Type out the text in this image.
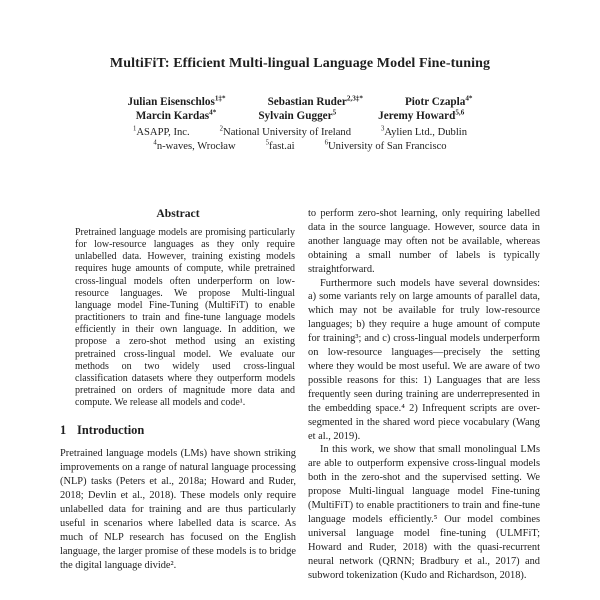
MultiFiT: Efficient Multi-lingual Language Model Fine-tuning
Julian Eisenschlos$^{1\ddagger*}$	Sebastian Ruder$^{2,3\ddagger*}$	Piotr Czapla$^{4*}$
Marcin Kardas$^{4*}$	Sylvain Gugger$^5$	Jeremy Howard$^{5,6}$
$^1$ASAPP, Inc.	$^2$National University of Ireland	$^3$Aylien Ltd., Dublin
$^4$n-waves, Wrocław	$^5$fast.ai	$^6$University of San Francisco
Abstract

Pretrained language models are promising particularly for low-resource languages as they only require unlabelled data. However, training existing models requires huge amounts of compute, while pretrained cross-lingual models often underperform on low-resource languages. We propose Multi-lingual language model Fine-Tuning (MultiFiT) to enable practitioners to train and fine-tune language models efficiently in their own language. In addition, we propose a zero-shot method using an existing pretrained cross-lingual model. We evaluate our methods on two widely used cross-lingual classification datasets where they outperform models pretrained on orders of magnitude more data and compute. We release all models and code¹.

1 Introduction

Pretrained language models (LMs) have shown striking improvements on a range of natural language processing (NLP) tasks (Peters et al., 2018a; Howard and Ruder, 2018; Devlin et al., 2018). These models only require unlabelled data for training and are thus particularly useful in scenarios where labelled data is scarce. As much of NLP research has focused on the English language, the larger promise of these models is to bridge the digital language divide².

to perform zero-shot learning, only requiring labelled data in the source language. However, source data in another language may often not be available, whereas obtaining a small number of labels is typically straightforward.

Furthermore such models have several downsides: a) some variants rely on large amounts of parallel data, which may not be available for truly low-resource languages; b) they require a huge amount of compute for training³; and c) cross-lingual models underperform on low-resource languages—precisely the setting where they would be most useful. We are aware of two possible reasons for this: 1) Languages that are less frequently seen during training are underrepresented in the embedding space.⁴ 2) Infrequent scripts are over-segmented in the shared word piece vocabulary (Wang et al., 2019).

In this work, we show that small monolingual LMs are able to outperform expensive cross-lingual models both in the zero-shot and the supervised setting. We propose Multi-lingual language model Fine-tuning (MultiFiT) to enable practitioners to train and fine-tune language models efficiently.⁵ Our model combines universal language model fine-tuning (ULMFiT; Howard and Ruder, 2018) with the quasi-recurrent neural network (QRNN; Bradbury et al., 2017) and subword tokenization (Kudo and Richardson, 2018).
